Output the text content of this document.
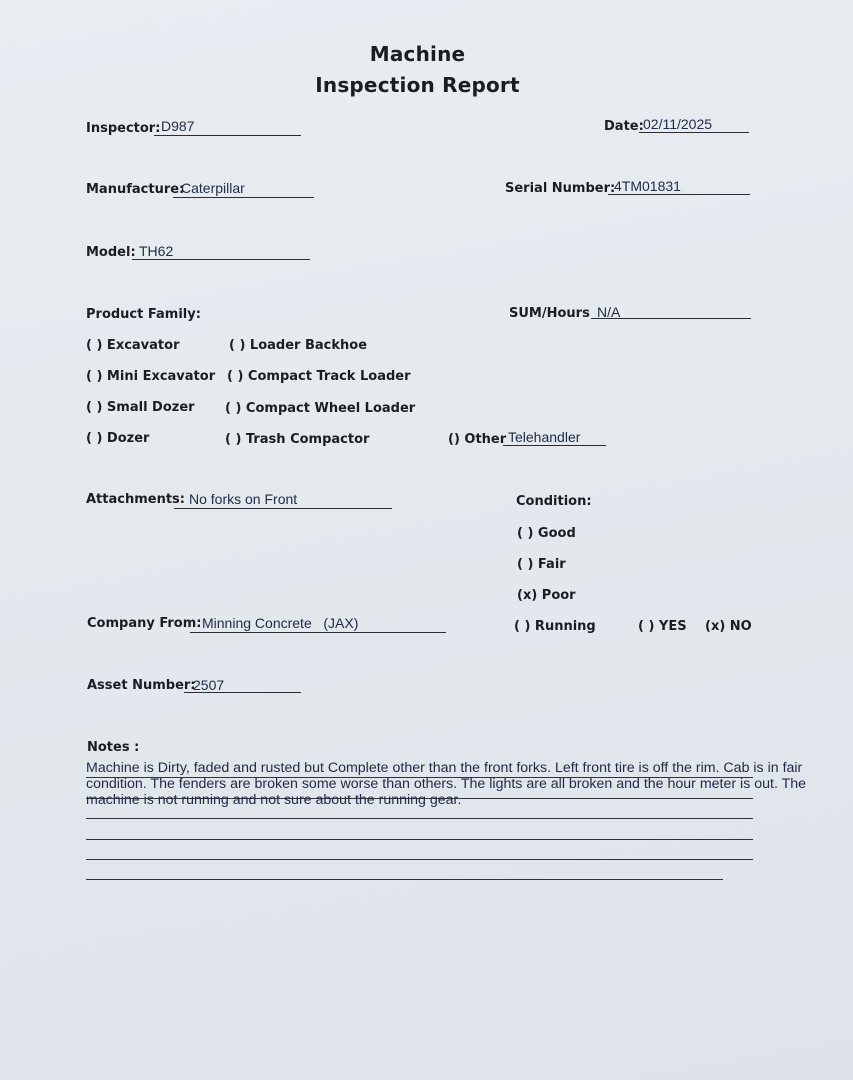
Machine
Inspection Report
Inspector: D987	Date: 02/11/2025
Manufacture:
Caterpillar	Serial Number:
4TM01831
Model: TH62
Product Family:
( ) Excavator
( ) Mini Excavator
( ) Small Dozer
( ) Dozer
( ) Loader Backhoe
( ) Compact Track Loader
( ) Compact Wheel Loader
( ) Trash Compactor	() Other Telehandler
SUM/Hours N/A
Attachments: No forks on Front	Condition:
( ) Good
( ) Fair
(x) Poor
Company From: Minning Concrete   (JAX)	( ) Running	( ) YES (x) NO
Asset Number:
2507
Notes :
Machine is Dirty, faded and rusted but Complete other than the front forks. Left front tire is off the rim. Cab is in fair condition. The fenders are broken some worse than others. The lights are all broken and the hour meter is out. The machine is not running and not sure about the running gear.
